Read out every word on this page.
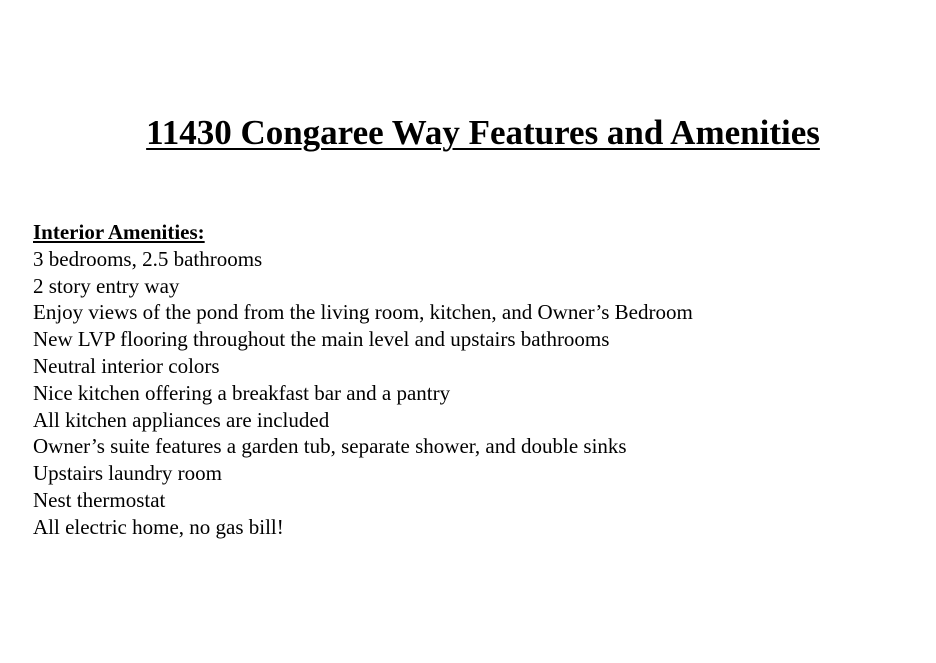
11430 Congaree Way Features and Amenities
Interior Amenities:
3 bedrooms, 2.5 bathrooms
2 story entry way
Enjoy views of the pond from the living room, kitchen, and Owner’s Bedroom
New LVP flooring throughout the main level and upstairs bathrooms
Neutral interior colors
Nice kitchen offering a breakfast bar and a pantry
All kitchen appliances are included
Owner’s suite features a garden tub, separate shower, and double sinks
Upstairs laundry room
Nest thermostat
All electric home, no gas bill!
